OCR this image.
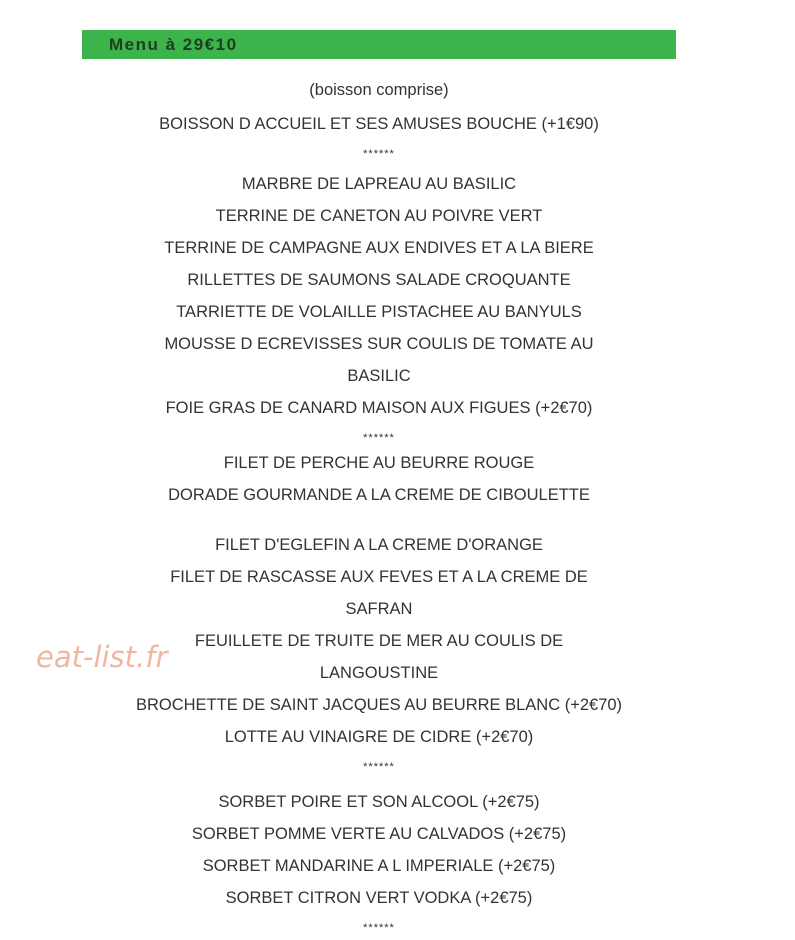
Menu à 29€10
(boisson comprise)
BOISSON D ACCUEIL ET SES AMUSES BOUCHE (+1€90)
******
MARBRE DE LAPREAU AU BASILIC
TERRINE DE CANETON AU POIVRE VERT
TERRINE DE CAMPAGNE AUX ENDIVES ET A LA BIERE
RILLETTES DE SAUMONS SALADE CROQUANTE
TARRIETTE DE VOLAILLE PISTACHEE AU BANYULS
MOUSSE D ECREVISSES SUR COULIS DE TOMATE AU
BASILIC
FOIE GRAS DE CANARD MAISON AUX FIGUES (+2€70)
******
FILET DE PERCHE AU BEURRE ROUGE
DORADE GOURMANDE A LA CREME DE CIBOULETTE
FILET D'EGLEFIN A LA CREME D'ORANGE
FILET DE RASCASSE AUX FEVES ET A LA CREME DE
SAFRAN
FEUILLETE DE TRUITE DE MER AU COULIS DE
LANGOUSTINE
BROCHETTE DE SAINT JACQUES AU BEURRE BLANC (+2€70)
LOTTE AU VINAIGRE DE CIDRE (+2€70)
******
SORBET POIRE ET SON ALCOOL (+2€75)
SORBET POMME VERTE AU CALVADOS (+2€75)
SORBET MANDARINE A L IMPERIALE (+2€75)
SORBET CITRON VERT VODKA (+2€75)
******
eat-list.fr
